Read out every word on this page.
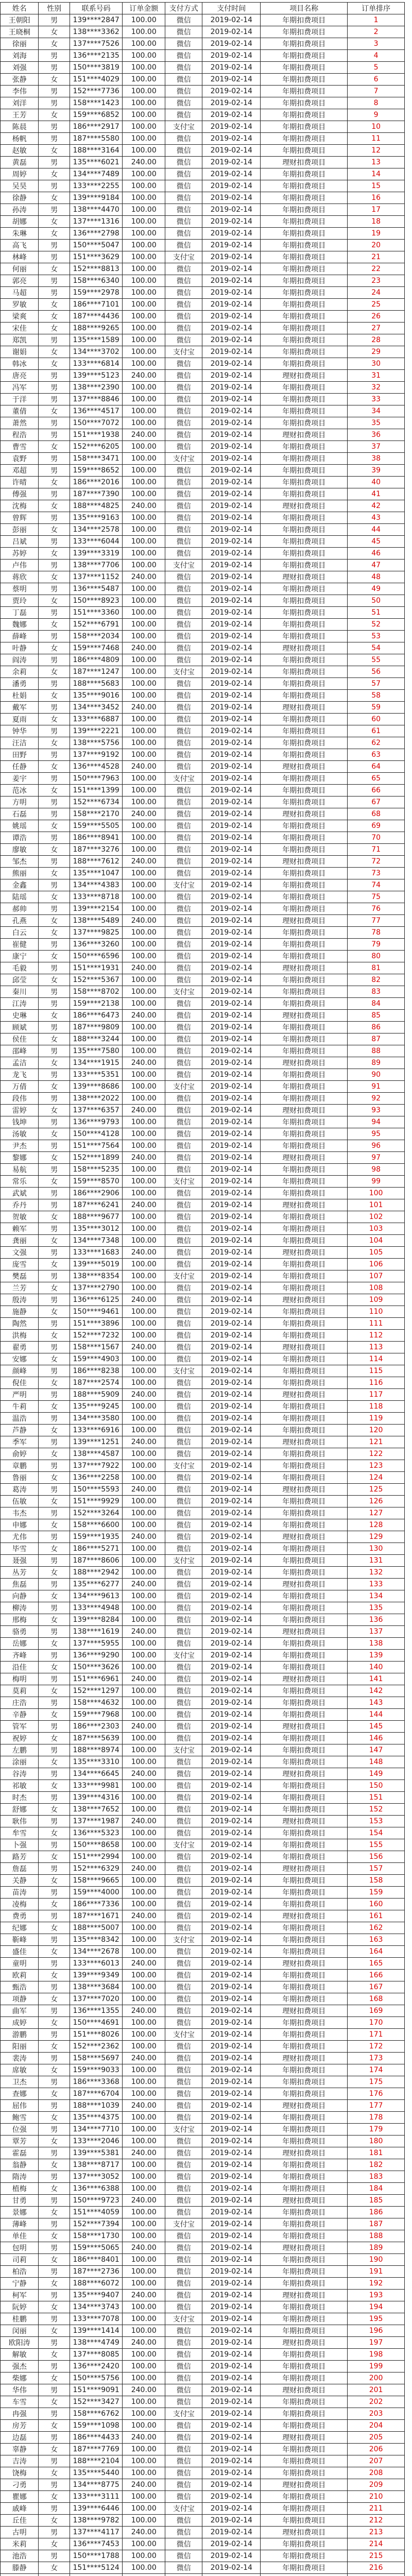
姓名	性别	联系号码	订单金额	支付方式	支付时间	项目名称	订单排序
王朝阳	男	139****2847	100.00	微信	2019-02-14	年期扣费项目	1
王晓桐	女	138****3362	100.00	微信	2019-02-14	年期扣费项目	2
徐丽	女	137****7526	100.00	微信	2019-02-14	年期扣费项目	3
刘海	男	136****2135	100.00	微信	2019-02-14	年期扣费项目	4
刘强	男	150****3819	100.00	微信	2019-02-14	年期扣费项目	5
张静	女	151****4029	100.00	微信	2019-02-14	年期扣费项目	6
李伟	男	152****7736	100.00	微信	2019-02-14	年期扣费项目	7
刘洋	男	158****1423	100.00	微信	2019-02-14	年期扣费项目	8
王芳	女	159****6852	100.00	微信	2019-02-14	年期扣费项目	9
陈晨	男	186****2917	100.00	支付宝	2019-02-14	年期扣费项目	10
杨帆	男	187****5580	100.00	微信	2019-02-14	年期扣费项目	11
赵敏	女	188****3164	100.00	微信	2019-02-14	年期扣费项目	12
黄磊	男	135****6021	240.00	微信	2019-02-14	理财扣费项目	13
周婷	女	134****7489	100.00	微信	2019-02-14	年期扣费项目	14
吴昊	男	133****2255	100.00	微信	2019-02-14	年期扣费项目	15
徐静	女	139****9184	100.00	微信	2019-02-14	年期扣费项目	16
孙涛	男	138****4470	100.00	微信	2019-02-14	年期扣费项目	17
胡娜	女	137****1316	100.00	微信	2019-02-14	年期扣费项目	18
朱琳	女	136****2798	100.00	微信	2019-02-14	年期扣费项目	19
高飞	男	150****5047	100.00	微信	2019-02-14	年期扣费项目	20
林峰	男	151****3629	100.00	支付宝	2019-02-14	年期扣费项目	21
何丽	女	152****8813	100.00	微信	2019-02-14	年期扣费项目	22
郭亮	男	158****6340	100.00	微信	2019-02-14	年期扣费项目	23
马超	男	159****2978	100.00	微信	2019-02-14	年期扣费项目	24
罗敏	女	186****7101	100.00	微信	2019-02-14	年期扣费项目	25
梁爽	女	187****4436	100.00	微信	2019-02-14	年期扣费项目	26
宋佳	女	188****9265	100.00	微信	2019-02-14	年期扣费项目	27
郑凯	男	135****1589	100.00	微信	2019-02-14	年期扣费项目	28
谢娟	女	134****3702	100.00	支付宝	2019-02-14	年期扣费项目	29
韩冰	女	133****6814	100.00	微信	2019-02-14	年期扣费项目	30
唐亮	男	139****5123	240.00	微信	2019-02-14	理财扣费项目	31
冯军	男	138****2390	100.00	微信	2019-02-14	年期扣费项目	32
于洋	男	137****8846	100.00	微信	2019-02-14	年期扣费项目	33
董倩	女	136****4517	100.00	微信	2019-02-14	年期扣费项目	34
萧然	男	150****7072	100.00	微信	2019-02-14	年期扣费项目	35
程浩	男	151****1938	240.00	微信	2019-02-14	理财扣费项目	36
曹雪	女	152****6205	100.00	微信	2019-02-14	年期扣费项目	37
袁野	男	158****3471	100.00	支付宝	2019-02-14	年期扣费项目	38
邓超	男	159****8652	100.00	微信	2019-02-14	年期扣费项目	39
许晴	女	186****2016	100.00	微信	2019-02-14	年期扣费项目	40
傅强	男	187****7390	100.00	微信	2019-02-14	年期扣费项目	41
沈梅	女	188****4825	240.00	微信	2019-02-14	理财扣费项目	42
曾辉	男	135****9163	100.00	微信	2019-02-14	年期扣费项目	43
彭丽	女	134****2578	100.00	微信	2019-02-14	年期扣费项目	44
吕斌	男	133****6044	100.00	微信	2019-02-14	年期扣费项目	45
苏婷	女	139****3319	100.00	微信	2019-02-14	年期扣费项目	46
卢伟	男	138****7706	100.00	支付宝	2019-02-14	年期扣费项目	47
蒋欣	女	137****1152	240.00	微信	2019-02-14	理财扣费项目	48
蔡明	男	136****5487	100.00	微信	2019-02-14	年期扣费项目	49
贾玲	女	150****8923	100.00	微信	2019-02-14	年期扣费项目	50
丁磊	男	151****3360	100.00	微信	2019-02-14	年期扣费项目	51
魏娜	女	152****6791	100.00	微信	2019-02-14	年期扣费项目	52
薛峰	男	158****2034	100.00	微信	2019-02-14	年期扣费项目	53
叶静	女	159****7468	240.00	微信	2019-02-14	理财扣费项目	54
阎涛	男	186****4809	100.00	微信	2019-02-14	年期扣费项目	55
余莉	女	187****1247	100.00	支付宝	2019-02-14	年期扣费项目	56
潘勇	男	188****5683	100.00	微信	2019-02-14	年期扣费项目	57
杜娟	女	135****9016	100.00	微信	2019-02-14	年期扣费项目	58
戴军	男	134****3452	240.00	微信	2019-02-14	理财扣费项目	59
夏雨	女	133****6887	100.00	微信	2019-02-14	年期扣费项目	60
钟华	男	139****2221	100.00	微信	2019-02-14	年期扣费项目	61
汪洁	女	138****5756	100.00	微信	2019-02-14	年期扣费项目	62
田野	男	137****9192	100.00	微信	2019-02-14	年期扣费项目	63
任静	女	136****4528	240.00	微信	2019-02-14	理财扣费项目	64
姜宇	男	150****7963	100.00	支付宝	2019-02-14	年期扣费项目	65
范冰	女	151****1399	100.00	微信	2019-02-14	年期扣费项目	66
方明	男	152****6734	100.00	微信	2019-02-14	年期扣费项目	67
石磊	男	158****2170	240.00	微信	2019-02-14	理财扣费项目	68
姚瑶	女	159****5505	100.00	微信	2019-02-14	年期扣费项目	69
谭浩	男	186****8941	100.00	微信	2019-02-14	年期扣费项目	70
廖敏	女	187****3276	100.00	微信	2019-02-14	年期扣费项目	71
邹杰	男	188****7612	240.00	微信	2019-02-14	理财扣费项目	72
熊丽	女	135****1047	100.00	微信	2019-02-14	年期扣费项目	73
金鑫	男	134****4383	100.00	支付宝	2019-02-14	年期扣费项目	74
陆瑶	女	133****8718	100.00	微信	2019-02-14	年期扣费项目	75
郝帅	男	139****2154	100.00	微信	2019-02-14	年期扣费项目	76
孔燕	女	138****5489	240.00	微信	2019-02-14	理财扣费项目	77
白云	女	137****9825	100.00	微信	2019-02-14	年期扣费项目	78
崔健	男	136****3260	100.00	微信	2019-02-14	年期扣费项目	79
康宁	女	150****6596	100.00	微信	2019-02-14	年期扣费项目	80
毛毅	男	151****1931	240.00	微信	2019-02-14	理财扣费项目	81
邱莹	女	152****5367	100.00	微信	2019-02-14	年期扣费项目	82
秦川	男	158****8702	100.00	支付宝	2019-02-14	年期扣费项目	83
江涛	男	159****2138	100.00	微信	2019-02-14	年期扣费项目	84
史琳	女	186****6473	240.00	微信	2019-02-14	理财扣费项目	85
顾斌	男	187****9809	100.00	微信	2019-02-14	年期扣费项目	86
侯佳	女	188****3244	100.00	微信	2019-02-14	年期扣费项目	87
邵峰	男	135****7580	100.00	微信	2019-02-14	年期扣费项目	88
孟洁	女	134****1915	240.00	微信	2019-02-14	理财扣费项目	89
龙飞	男	133****5351	100.00	微信	2019-02-14	年期扣费项目	90
万倩	女	139****8686	100.00	支付宝	2019-02-14	年期扣费项目	91
段伟	男	138****2022	100.00	微信	2019-02-14	年期扣费项目	92
雷婷	女	137****6357	240.00	微信	2019-02-14	理财扣费项目	93
钱坤	男	136****9793	100.00	微信	2019-02-14	年期扣费项目	94
汤敏	女	150****4128	100.00	微信	2019-02-14	年期扣费项目	95
尹杰	男	151****7564	100.00	微信	2019-02-14	年期扣费项目	96
黎娜	女	152****1899	240.00	微信	2019-02-14	理财扣费项目	97
易航	男	158****5235	100.00	微信	2019-02-14	年期扣费项目	98
常乐	女	159****8570	100.00	支付宝	2019-02-14	年期扣费项目	99
武斌	男	186****2906	100.00	微信	2019-02-14	年期扣费项目	100
乔丹	男	187****6241	240.00	微信	2019-02-14	理财扣费项目	101
贺敏	女	188****9677	100.00	微信	2019-02-14	年期扣费项目	102
赖军	男	135****3012	100.00	微信	2019-02-14	年期扣费项目	103
龚丽	女	134****7348	100.00	微信	2019-02-14	年期扣费项目	104
文强	男	133****1683	240.00	微信	2019-02-14	理财扣费项目	105
庞雪	女	139****5019	100.00	微信	2019-02-14	年期扣费项目	106
樊磊	男	138****8354	100.00	支付宝	2019-02-14	年期扣费项目	107
兰芳	女	137****2790	100.00	微信	2019-02-14	年期扣费项目	108
殷涛	男	136****6125	240.00	微信	2019-02-14	理财扣费项目	109
施静	女	150****9461	100.00	微信	2019-02-14	年期扣费项目	110
陶然	男	151****3896	100.00	微信	2019-02-14	年期扣费项目	111
洪梅	女	152****7232	100.00	微信	2019-02-14	年期扣费项目	112
翟勇	男	158****1567	240.00	微信	2019-02-14	理财扣费项目	113
安娜	女	159****4903	100.00	微信	2019-02-14	年期扣费项目	114
颜峰	男	186****8238	100.00	支付宝	2019-02-14	年期扣费项目	115
倪佳	女	187****2574	100.00	微信	2019-02-14	年期扣费项目	116
严明	男	188****5909	240.00	微信	2019-02-14	理财扣费项目	117
牛莉	女	135****9245	100.00	微信	2019-02-14	年期扣费项目	118
温浩	男	134****3580	100.00	微信	2019-02-14	年期扣费项目	119
芦静	女	133****6916	100.00	微信	2019-02-14	年期扣费项目	120
季军	男	139****1251	240.00	微信	2019-02-14	理财扣费项目	121
俞婷	女	138****4587	100.00	微信	2019-02-14	年期扣费项目	122
章鹏	男	137****7922	100.00	支付宝	2019-02-14	年期扣费项目	123
鲁丽	女	136****2258	100.00	微信	2019-02-14	年期扣费项目	124
葛涛	男	150****5593	240.00	微信	2019-02-14	理财扣费项目	125
伍敏	女	151****9929	100.00	微信	2019-02-14	年期扣费项目	126
韦杰	男	152****3264	100.00	微信	2019-02-14	年期扣费项目	127
申娜	女	158****6600	100.00	微信	2019-02-14	年期扣费项目	128
尤伟	男	159****1935	240.00	微信	2019-02-14	理财扣费项目	129
毕雪	女	186****5271	100.00	微信	2019-02-14	年期扣费项目	130
聂强	男	187****8606	100.00	支付宝	2019-02-14	年期扣费项目	131
丛芳	女	188****2942	100.00	微信	2019-02-14	年期扣费项目	132
焦磊	男	135****6277	240.00	微信	2019-02-14	理财扣费项目	133
向静	女	134****9613	100.00	微信	2019-02-14	年期扣费项目	134
柳涛	男	133****4948	100.00	微信	2019-02-14	年期扣费项目	135
邢梅	女	139****8284	100.00	微信	2019-02-14	年期扣费项目	136
骆勇	男	138****1619	240.00	微信	2019-02-14	理财扣费项目	137
岳娜	女	137****5955	100.00	微信	2019-02-14	年期扣费项目	138
齐峰	男	136****9290	100.00	支付宝	2019-02-14	年期扣费项目	139
沿佳	女	150****3626	100.00	微信	2019-02-14	年期扣费项目	140
梅明	男	151****6961	240.00	微信	2019-02-14	理财扣费项目	141
莫莉	女	152****1297	100.00	微信	2019-02-14	年期扣费项目	142
庄浩	男	158****4632	100.00	微信	2019-02-14	年期扣费项目	143
辛静	女	159****7968	100.00	微信	2019-02-14	年期扣费项目	144
管军	男	186****2303	240.00	微信	2019-02-14	理财扣费项目	145
祝婷	女	187****5639	100.00	微信	2019-02-14	年期扣费项目	146
左鹏	男	188****8974	100.00	支付宝	2019-02-14	年期扣费项目	147
涂丽	女	135****3310	100.00	微信	2019-02-14	年期扣费项目	148
谷涛	男	134****6645	240.00	微信	2019-02-14	理财扣费项目	149
祁敏	女	133****9981	100.00	微信	2019-02-14	年期扣费项目	150
时杰	男	139****4316	100.00	微信	2019-02-14	年期扣费项目	151
舒娜	女	138****7652	100.00	微信	2019-02-14	年期扣费项目	152
耿伟	男	137****1987	240.00	微信	2019-02-14	理财扣费项目	153
牟雪	女	136****5323	100.00	微信	2019-02-14	年期扣费项目	154
卜强	男	150****8658	100.00	支付宝	2019-02-14	年期扣费项目	155
路芳	女	151****2994	100.00	微信	2019-02-14	年期扣费项目	156
詹磊	男	152****6329	240.00	微信	2019-02-14	理财扣费项目	157
关静	女	158****9665	100.00	微信	2019-02-14	年期扣费项目	158
苗涛	男	159****4000	100.00	微信	2019-02-14	年期扣费项目	159
凌梅	女	186****7336	100.00	微信	2019-02-14	年期扣费项目	160
费勇	男	187****1671	240.00	微信	2019-02-14	理财扣费项目	161
纪娜	女	188****5007	100.00	微信	2019-02-14	年期扣费项目	162
靳峰	男	135****8342	100.00	支付宝	2019-02-14	年期扣费项目	163
盛佳	女	134****2678	100.00	微信	2019-02-14	年期扣费项目	164
童明	男	133****6013	240.00	微信	2019-02-14	理财扣费项目	165
欧莉	女	139****9349	100.00	微信	2019-02-14	年期扣费项目	166
甄浩	男	138****3684	100.00	微信	2019-02-14	年期扣费项目	167
项静	女	137****7020	100.00	微信	2019-02-14	年期扣费项目	168
曲军	男	136****1355	240.00	微信	2019-02-14	理财扣费项目	169
成婷	女	150****4691	100.00	微信	2019-02-14	年期扣费项目	170
游鹏	男	151****8026	100.00	支付宝	2019-02-14	年期扣费项目	171
阳丽	女	152****2362	100.00	微信	2019-02-14	年期扣费项目	172
裴涛	男	158****5697	240.00	微信	2019-02-14	理财扣费项目	173
席敏	女	159****9033	100.00	微信	2019-02-14	年期扣费项目	174
卫杰	男	186****3368	100.00	微信	2019-02-14	年期扣费项目	175
查娜	女	187****6704	100.00	微信	2019-02-14	年期扣费项目	176
屈伟	男	188****1039	240.00	微信	2019-02-14	理财扣费项目	177
鲍雪	女	135****4375	100.00	微信	2019-02-14	年期扣费项目	178
位强	男	134****7710	100.00	支付宝	2019-02-14	年期扣费项目	179
覃芳	女	133****2046	100.00	微信	2019-02-14	年期扣费项目	180
霍磊	男	139****5381	240.00	微信	2019-02-14	理财扣费项目	181
翁静	女	138****8717	100.00	微信	2019-02-14	年期扣费项目	182
隋涛	男	137****3052	100.00	微信	2019-02-14	年期扣费项目	183
植梅	女	136****6388	100.00	微信	2019-02-14	年期扣费项目	184
甘勇	男	150****9723	240.00	微信	2019-02-14	理财扣费项目	185
景娜	女	151****4059	100.00	微信	2019-02-14	年期扣费项目	186
薄峰	男	152****7394	100.00	支付宝	2019-02-14	年期扣费项目	187
单佳	女	158****1730	100.00	微信	2019-02-14	年期扣费项目	188
包明	男	159****5065	240.00	微信	2019-02-14	理财扣费项目	189
司莉	女	186****8401	100.00	微信	2019-02-14	年期扣费项目	190
柏浩	男	187****2736	100.00	微信	2019-02-14	年期扣费项目	191
宁静	女	188****6072	100.00	微信	2019-02-14	年期扣费项目	192
柯军	男	135****9407	240.00	微信	2019-02-14	理财扣费项目	193
阮婷	女	134****3743	100.00	微信	2019-02-14	年期扣费项目	194
桂鹏	男	133****7078	100.00	支付宝	2019-02-14	年期扣费项目	195
闵丽	女	139****1414	100.00	微信	2019-02-14	年期扣费项目	196
欧阳涛	男	138****4749	240.00	微信	2019-02-14	理财扣费项目	197
解敏	女	137****8085	100.00	微信	2019-02-14	年期扣费项目	198
强杰	男	136****2420	100.00	微信	2019-02-14	年期扣费项目	199
柴娜	女	150****5756	100.00	微信	2019-02-14	年期扣费项目	200
华伟	男	151****9091	240.00	微信	2019-02-14	理财扣费项目	201
车雪	女	152****3427	100.00	微信	2019-02-14	年期扣费项目	202
冉强	男	158****6762	100.00	支付宝	2019-02-14	年期扣费项目	203
房芳	女	159****1098	100.00	微信	2019-02-14	年期扣费项目	204
边磊	男	186****4433	240.00	微信	2019-02-14	理财扣费项目	205
辜静	女	187****7769	100.00	微信	2019-02-14	年期扣费项目	206
吉涛	男	188****2104	100.00	微信	2019-02-14	年期扣费项目	207
饶梅	女	135****5440	100.00	微信	2019-02-14	年期扣费项目	208
刁勇	男	134****8775	240.00	微信	2019-02-14	理财扣费项目	209
瞿娜	女	133****3111	100.00	微信	2019-02-14	年期扣费项目	210
戚峰	男	139****6446	100.00	支付宝	2019-02-14	年期扣费项目	211
丘佳	女	138****9782	100.00	微信	2019-02-14	年期扣费项目	212
古明	男	137****4117	240.00	微信	2019-02-14	理财扣费项目	213
米莉	女	136****7453	100.00	微信	2019-02-14	年期扣费项目	214
池浩	男	150****1788	100.00	微信	2019-02-14	年期扣费项目	215
滕静	女	151****5124	100.00	微信	2019-02-14	年期扣费项目	216
